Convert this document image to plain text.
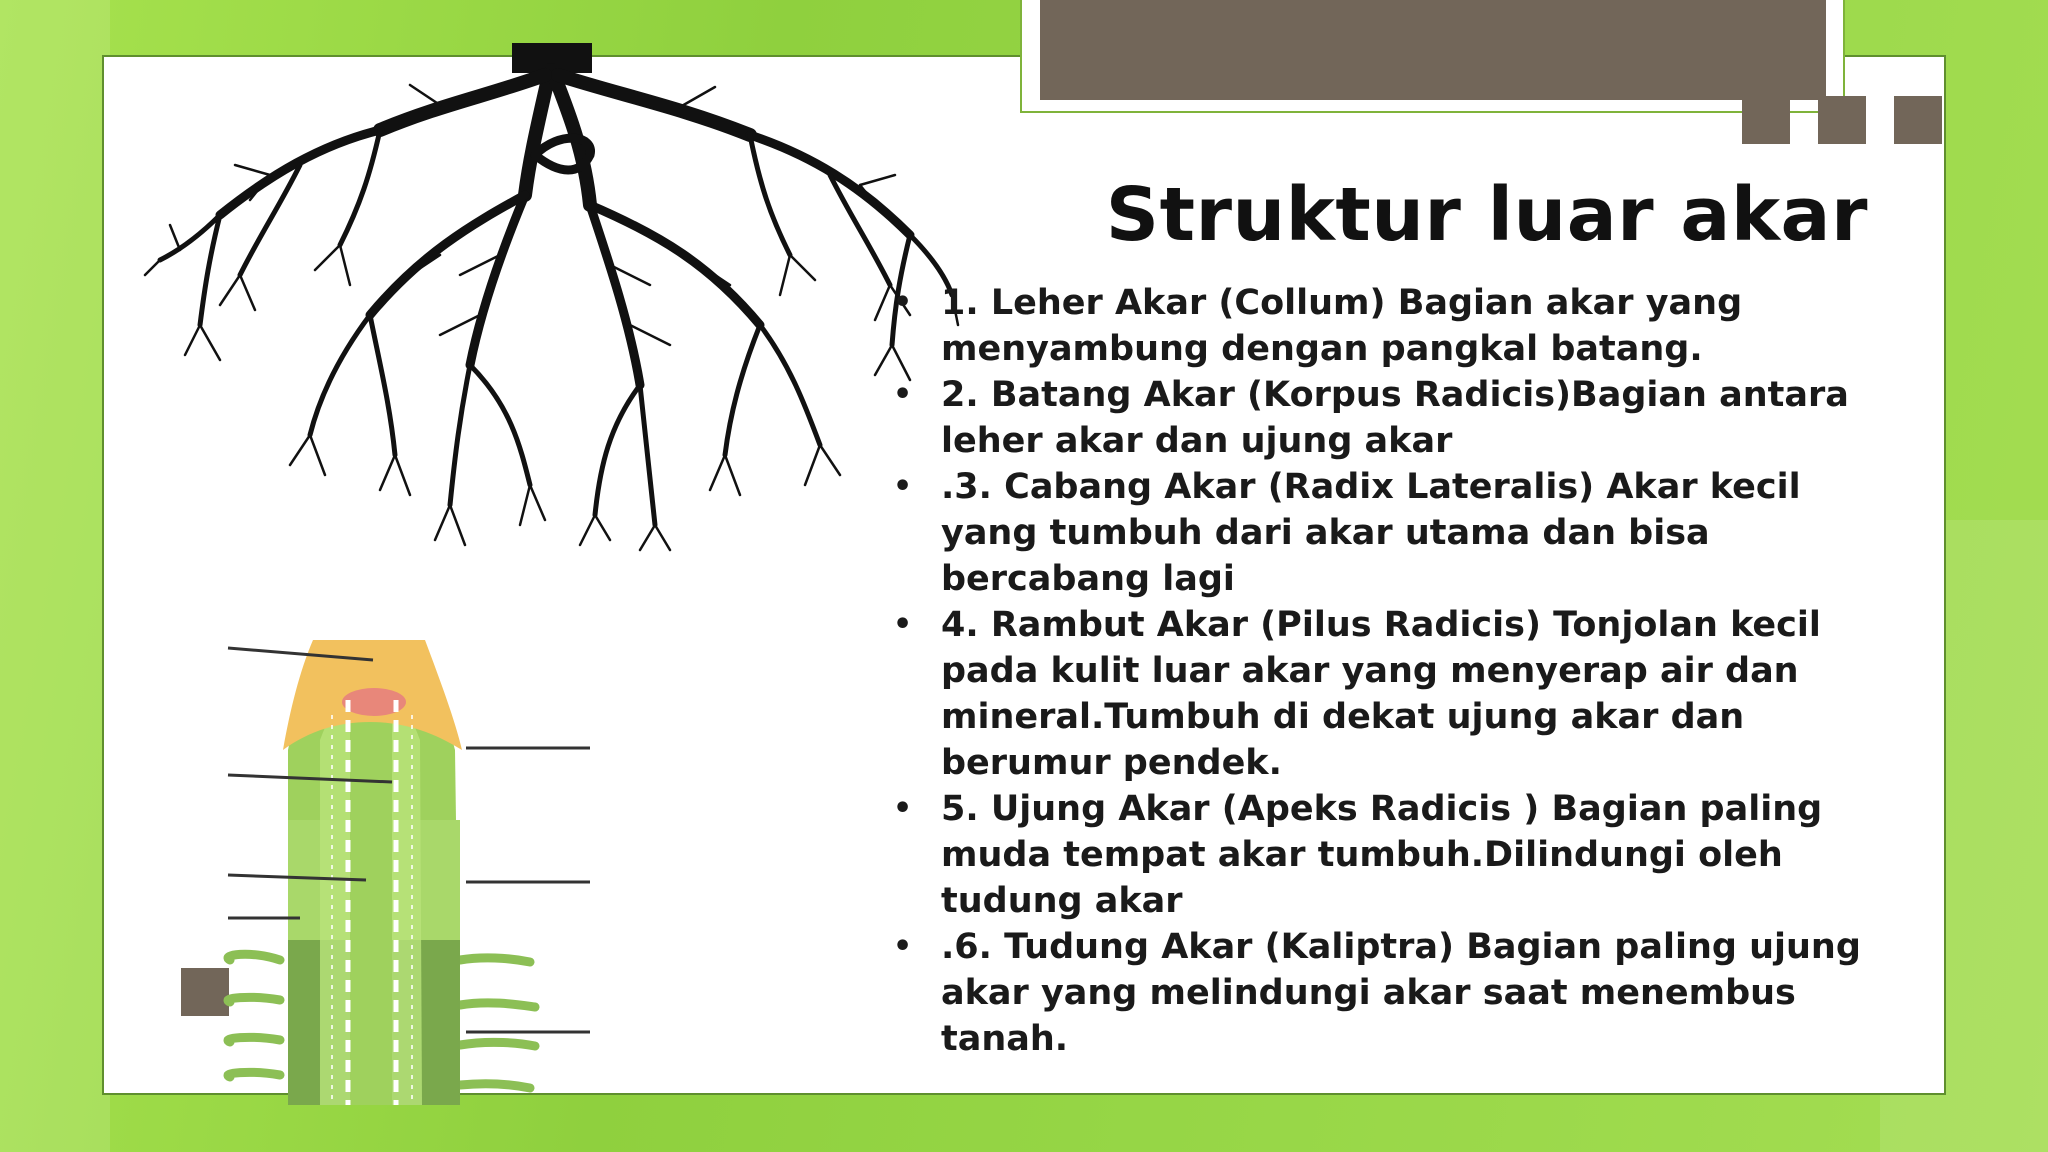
Struktur luar akar
• 1. Leher Akar (Collum) Bagian akar yang menyambung dengan pangkal batang.
• 2. Batang Akar (Korpus Radicis)Bagian antara leher akar dan ujung akar
• .3. Cabang Akar (Radix Lateralis) Akar kecil yang tumbuh dari akar utama dan bisa bercabang lagi
• 4. Rambut Akar (Pilus Radicis) Tonjolan kecil pada kulit luar akar yang menyerap air dan mineral.Tumbuh di dekat ujung akar dan berumur pendek.
• 5. Ujung Akar (Apeks Radicis ) Bagian paling muda tempat akar tumbuh.Dilindungi oleh tudung akar
• .6. Tudung Akar (Kaliptra) Bagian paling ujung akar yang melindungi akar saat menembus tanah.
